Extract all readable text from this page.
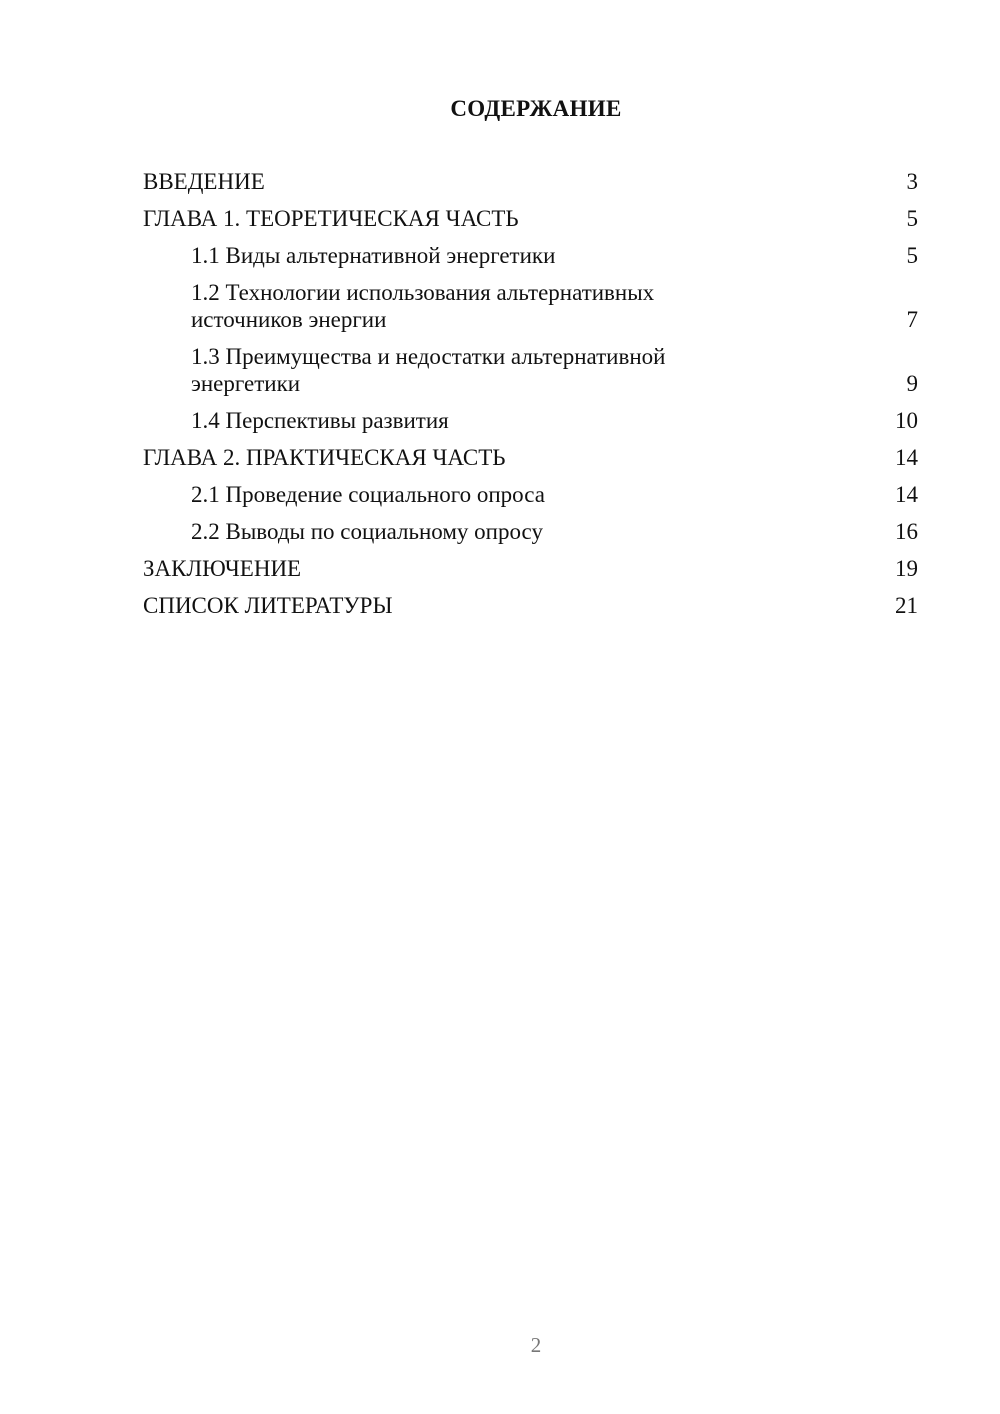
СОДЕРЖАНИЕ
ВВЕДЕНИЕ	3
ГЛАВА 1. ТЕОРЕТИЧЕСКАЯ ЧАСТЬ	5
1.1 Виды альтернативной энергетики	5
1.2 Технологии использования альтернативных источников энергии	7
1.3 Преимущества и недостатки альтернативной энергетики	9
1.4 Перспективы развития	10
ГЛАВА 2. ПРАКТИЧЕСКАЯ ЧАСТЬ	14
2.1 Проведение социального опроса	14
2.2 Выводы по социальному опросу	16
ЗАКЛЮЧЕНИЕ	19
СПИСОК ЛИТЕРАТУРЫ	21
2
